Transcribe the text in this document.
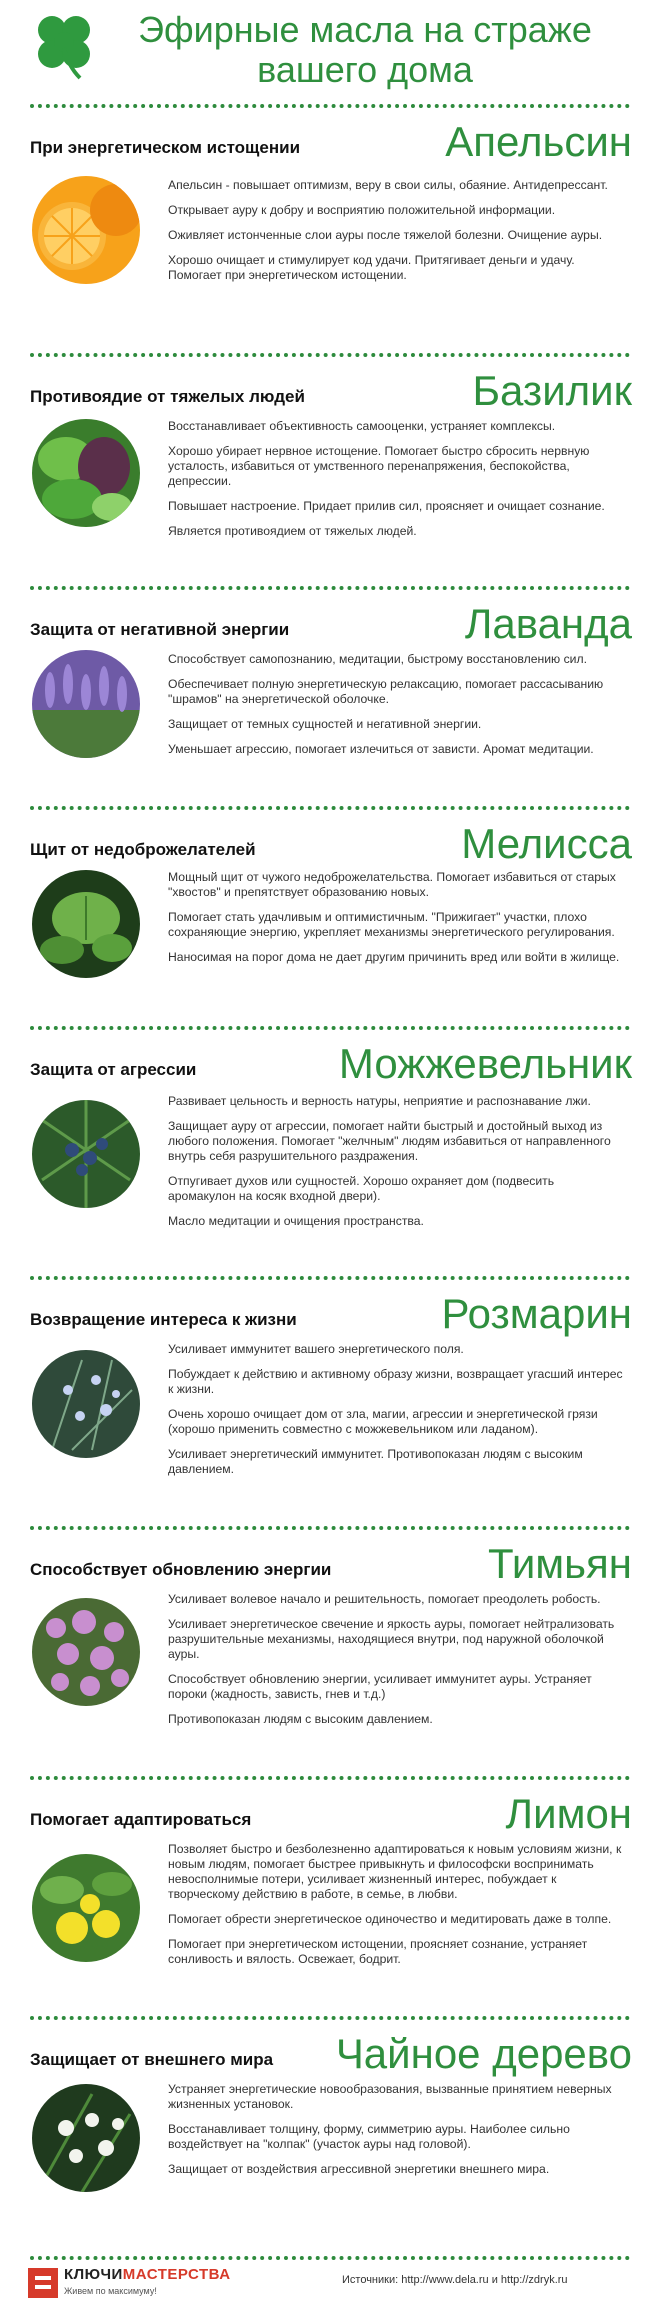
Эфирные масла на страже вашего дома
При энергетическом истощении	Апельсин

Апельсин - повышает оптимизм, веру в свои силы, обаяние. Антидепрессант.

Открывает ауру к добру и восприятию положительной информации.

Оживляет истонченные слои ауры после тяжелой болезни. Очищение ауры.

Хорошо очищает и стимулирует код удачи. Притягивает деньги и удачу. Помогает при энергетическом истощении.

Противоядие от тяжелых людей	Базилик

Восстанавливает объективность самооценки, устраняет комплексы.

Хорошо убирает нервное истощение. Помогает быстро сбросить нервную усталость, избавиться от умственного перенапряжения, беспокойства, депрессии.

Повышает настроение. Придает прилив сил, проясняет и очищает сознание.

Является противоядием от тяжелых людей.

Защита от негативной энергии	Лаванда

Способствует самопознанию, медитации, быстрому восстановлению сил.

Обеспечивает полную энергетическую релаксацию, помогает рассасыванию "шрамов" на энергетической оболочке.

Защищает от темных сущностей и негативной энергии.

Уменьшает агрессию, помогает излечиться от зависти. Аромат медитации.

Щит от недоброжелателей	Мелисса

Мощный щит от чужого недоброжелательства. Помогает избавиться от старых "хвостов" и препятствует образованию новых.

Помогает стать удачливым и оптимистичным. "Прижигает" участки, плохо сохраняющие энергию, укрепляет механизмы энергетического регулирования.

Наносимая на порог дома не дает другим причинить вред или войти в жилище.

Защита от агрессии	Можжевельник

Развивает цельность и верность натуры, неприятие и распознавание лжи.

Защищает ауру от агрессии, помогает найти быстрый и достойный выход из любого положения. Помогает "желчным" людям избавиться от направленного внутрь себя разрушительного раздражения.

Отпугивает духов или сущностей. Хорошо охраняет дом (подвесить аромакулон на косяк входной двери).

Масло медитации и очищения пространства.

Возвращение интереса к жизни	Розмарин

Усиливает иммунитет вашего энергетического поля.

Побуждает к действию и активному образу жизни, возвращает угасший интерес к жизни.

Очень хорошо очищает дом от зла, магии, агрессии и энергетической грязи (хорошо применить совместно с можжевельником или ладаном).

Усиливает энергетический иммунитет. Противопоказан людям с высоким давлением.

Способствует обновлению энергии	Тимьян

Усиливает волевое начало и решительность, помогает преодолеть робость.

Усиливает энергетическое свечение и яркость ауры, помогает нейтрализовать разрушительные механизмы, находящиеся внутри, под наружной оболочкой ауры.

Способствует обновлению энергии, усиливает иммунитет ауры. Устраняет пороки (жадность, зависть, гнев и т.д.)

Противопоказан людям с высоким давлением.

Помогает адаптироваться	Лимон

Позволяет быстро и безболезненно адаптироваться к новым условиям жизни, к новым людям, помогает быстрее привыкнуть и философски воспринимать невосполнимые потери, усиливает жизненный интерес, побуждает к творческому действию в работе, в семье, в любви.

Помогает обрести энергетическое одиночество и медитировать даже в толпе.

Помогает при энергетическом истощении, проясняет сознание, устраняет сонливость и вялость. Освежает, бодрит.

Защищает от внешнего мира Чайное дерево

Устраняет энергетические новообразования, вызванные принятием неверных жизненных установок.

Восстанавливает толщину, форму, симметрию ауры. Наиболее сильно воздействует на "колпак" (участок ауры над головой).

Защищает от воздействия агрессивной энергетики внешнего мира.

КЛЮЧИМАСТЕРСТВА
Живем по максимуму!
Источники: http://www.dela.ru и http://zdryk.ru
